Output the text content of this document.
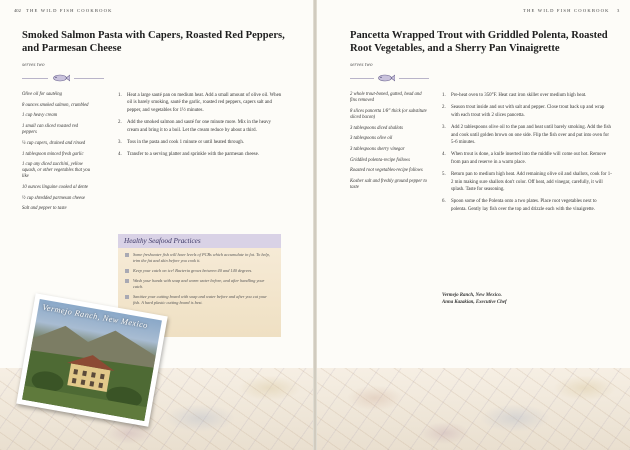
402 THE WILD FISH COOKBOOK
Smoked Salmon Pasta with Capers, Roasted Red Peppers, and Parmesan Cheese
serves two
Olive oil for sautéing
8 ounces smoked salmon, crumbled
1 cup heavy cream
1 small can sliced roasted red peppers
¼ cup capers, drained and rinsed
1 tablespoon minced fresh garlic
1 cup any diced zucchini, yellow squash, or other vegetables that you like
10 ounces linguine cooked al dente
½ cup shredded parmesan cheese
Salt and pepper to taste
1.	Heat a large sauté pan on medium heat. Add a small amount of olive oil. When oil is barely smoking, sauté the garlic, roasted red peppers, capers salt and pepper, and vegetables for 1½ minutes.
2.	Add the smoked salmon and sauté for one minute more. Mix in the heavy cream and bring it to a boil. Let the cream reduce by about a third.
3.	Toss in the pasta and cook 1 minute or until heated through.
4.	Transfer to a serving platter and sprinkle with the parmesan cheese.
Healthy Seafood Practices
Some freshwater fish will have levels of PCBs which accumulate in fat. To help, trim the fat and skin before you cook it.
Keep your catch on ice! Bacteria grows between 40 and 140 degrees.
Wash your hands with soap and warm water before, and after handling your catch.
Sanitize your cutting board with soap and water before and after you cut your fish. A hard plastic cutting board is best.
Vermejo Ranch, New Mexico
THE WILD FISH COOKBOOK 3
Pancetta Wrapped Trout with Griddled Polenta, Roasted Root Vegetables, and a Sherry Pan Vinaigrette
serves two
2 whole trout-boned, gutted, head and fins removed
8 slices pancetta 1/8" thick (or substitute sliced bacon)
3 tablespoons diced shallots
3 tablespoons olive oil
3 tablespoons sherry vinegar
Griddled polenta-recipe follows
Roasted root vegetables-recipe follows
Kosher salt and freshly ground pepper to taste
1.	Pre-heat oven to 350°F. Heat cast iron skillet over medium high heat.
2.	Season trout inside and out with salt and pepper. Close trout back up and wrap with each trout with 2 slices pancetta.
3.	Add 2 tablespoons olive oil to the pan and heat until barely smoking. Add the fish and cook until golden brown on one side. Flip the fish over and put into oven for 5-6 minutes.
4.	When trout is done, a knife inserted into the middle will come out hot. Remove from pan and reserve in a warm place.
5.	Return pan to medium high heat. Add remaining olive oil and shallots, cook for 1-2 min making sure shallots don't color. Off heat, add vinegar, carefully, it will splash. Taste for seasoning.
6.	Spoon some of the Polenta onto a two plates. Place root vegetables next to polenta. Gently lay fish over the top and drizzle each with the vinaigrette.
Vermejo Ranch, New Mexico.
Anna Kazakian, Executive Chef
